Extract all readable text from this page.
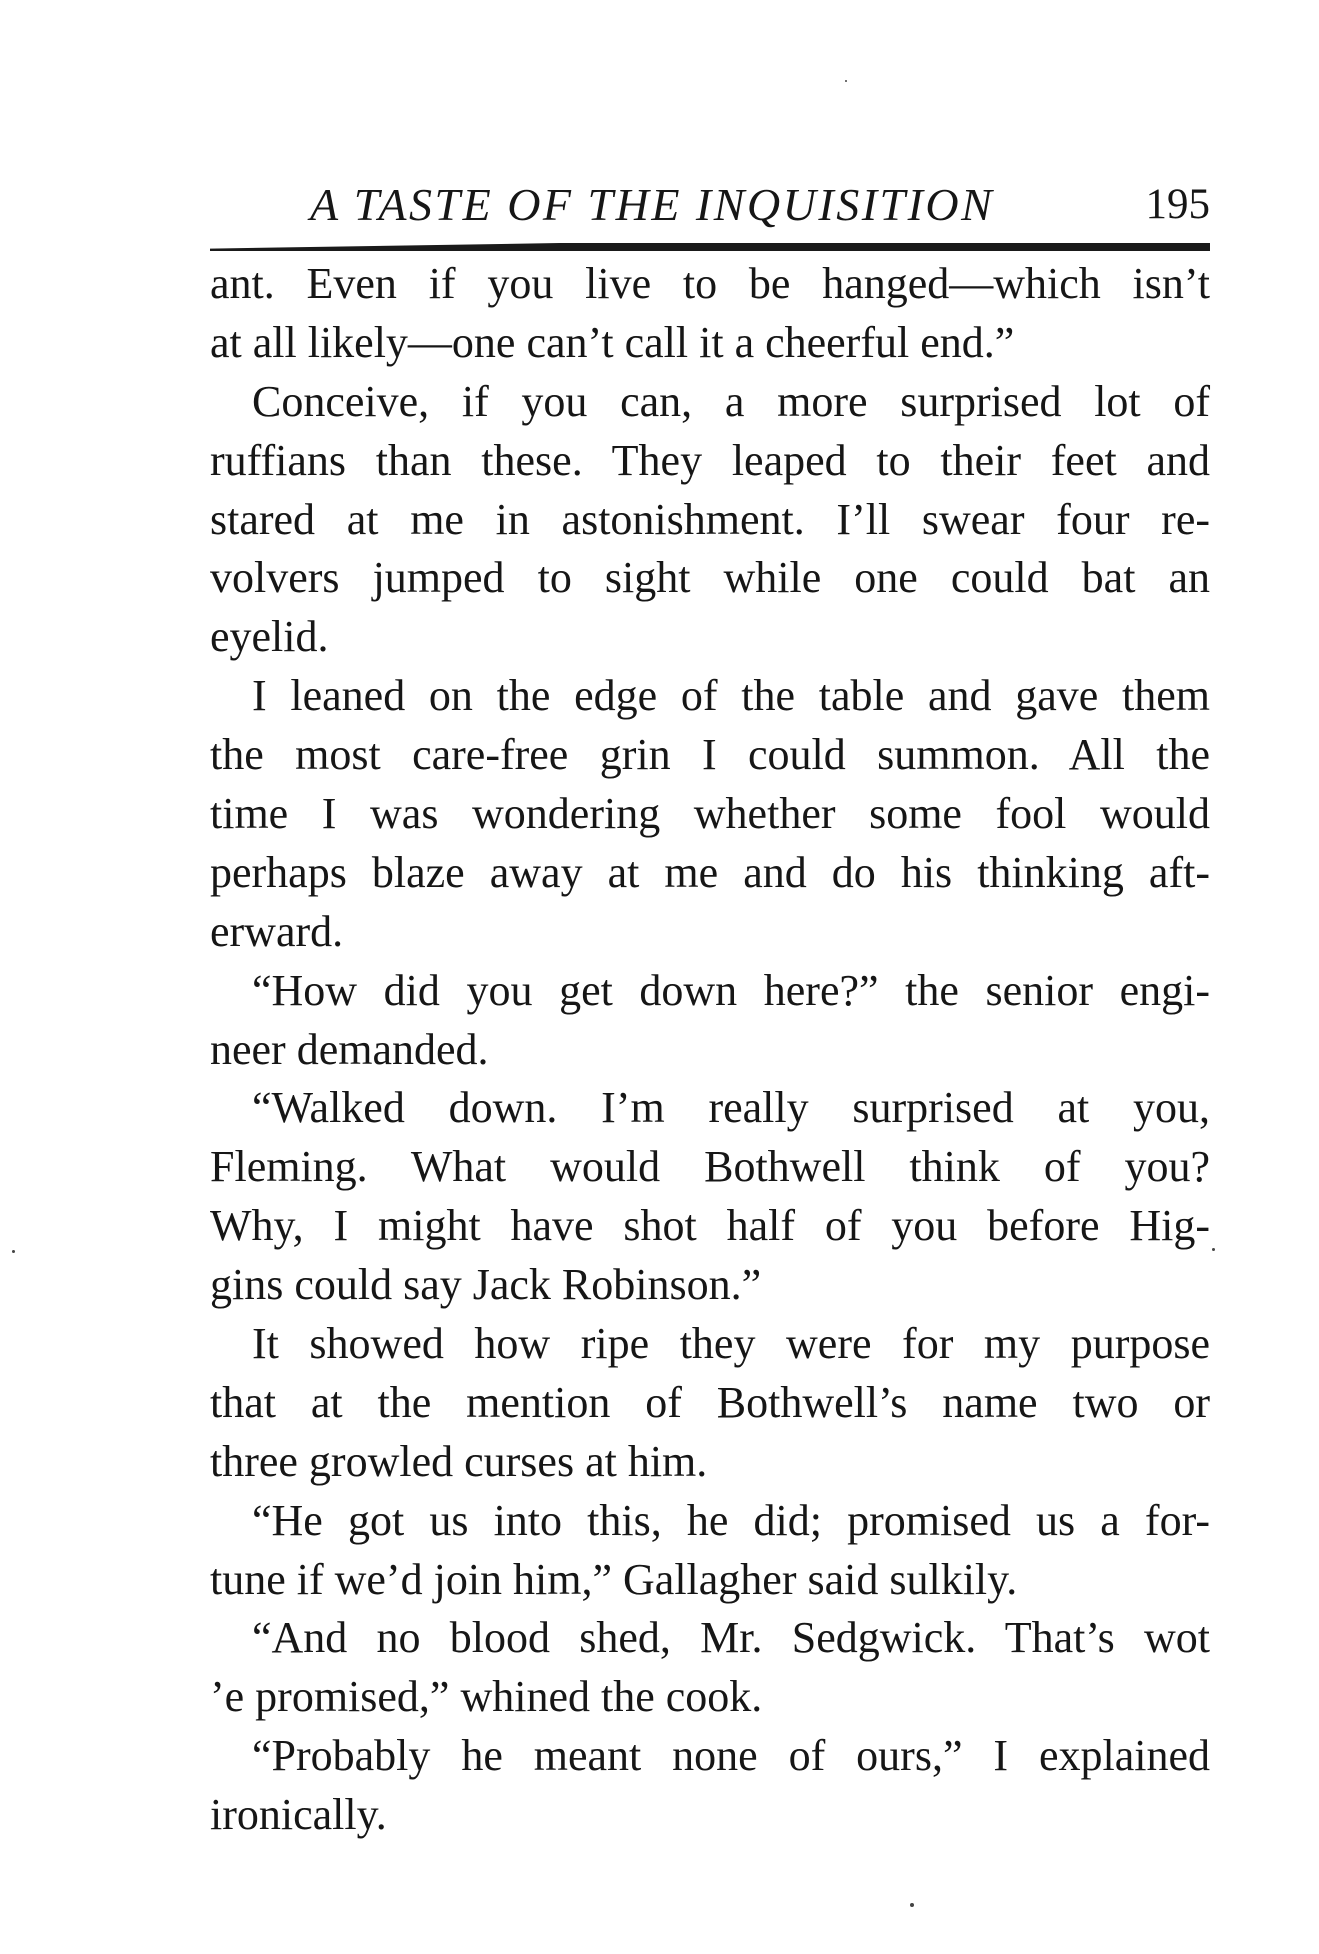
A TASTE OF THE INQUISITION	195
ant. Even if you live to be hanged—which isn’t
at all likely—one can’t call it a cheerful end.”
Conceive, if you can, a more surprised lot of
ruffians than these. They leaped to their feet and
stared at me in astonishment. I’ll swear four re-
volvers jumped to sight while one could bat an
eyelid.
I leaned on the edge of the table and gave them
the most care-free grin I could summon. All the
time I was wondering whether some fool would
perhaps blaze away at me and do his thinking aft-
erward.
“How did you get down here?” the senior engi-
neer demanded.
“Walked down. I’m really surprised at you,
Fleming. What would Bothwell think of you?
Why, I might have shot half of you before Hig-
gins could say Jack Robinson.”
It showed how ripe they were for my purpose
that at the mention of Bothwell’s name two or
three growled curses at him.
“He got us into this, he did; promised us a for-
tune if we’d join him,” Gallagher said sulkily.
“And no blood shed, Mr. Sedgwick. That’s wot
’e promised,” whined the cook.
“Probably he meant none of ours,” I explained
ironically.
